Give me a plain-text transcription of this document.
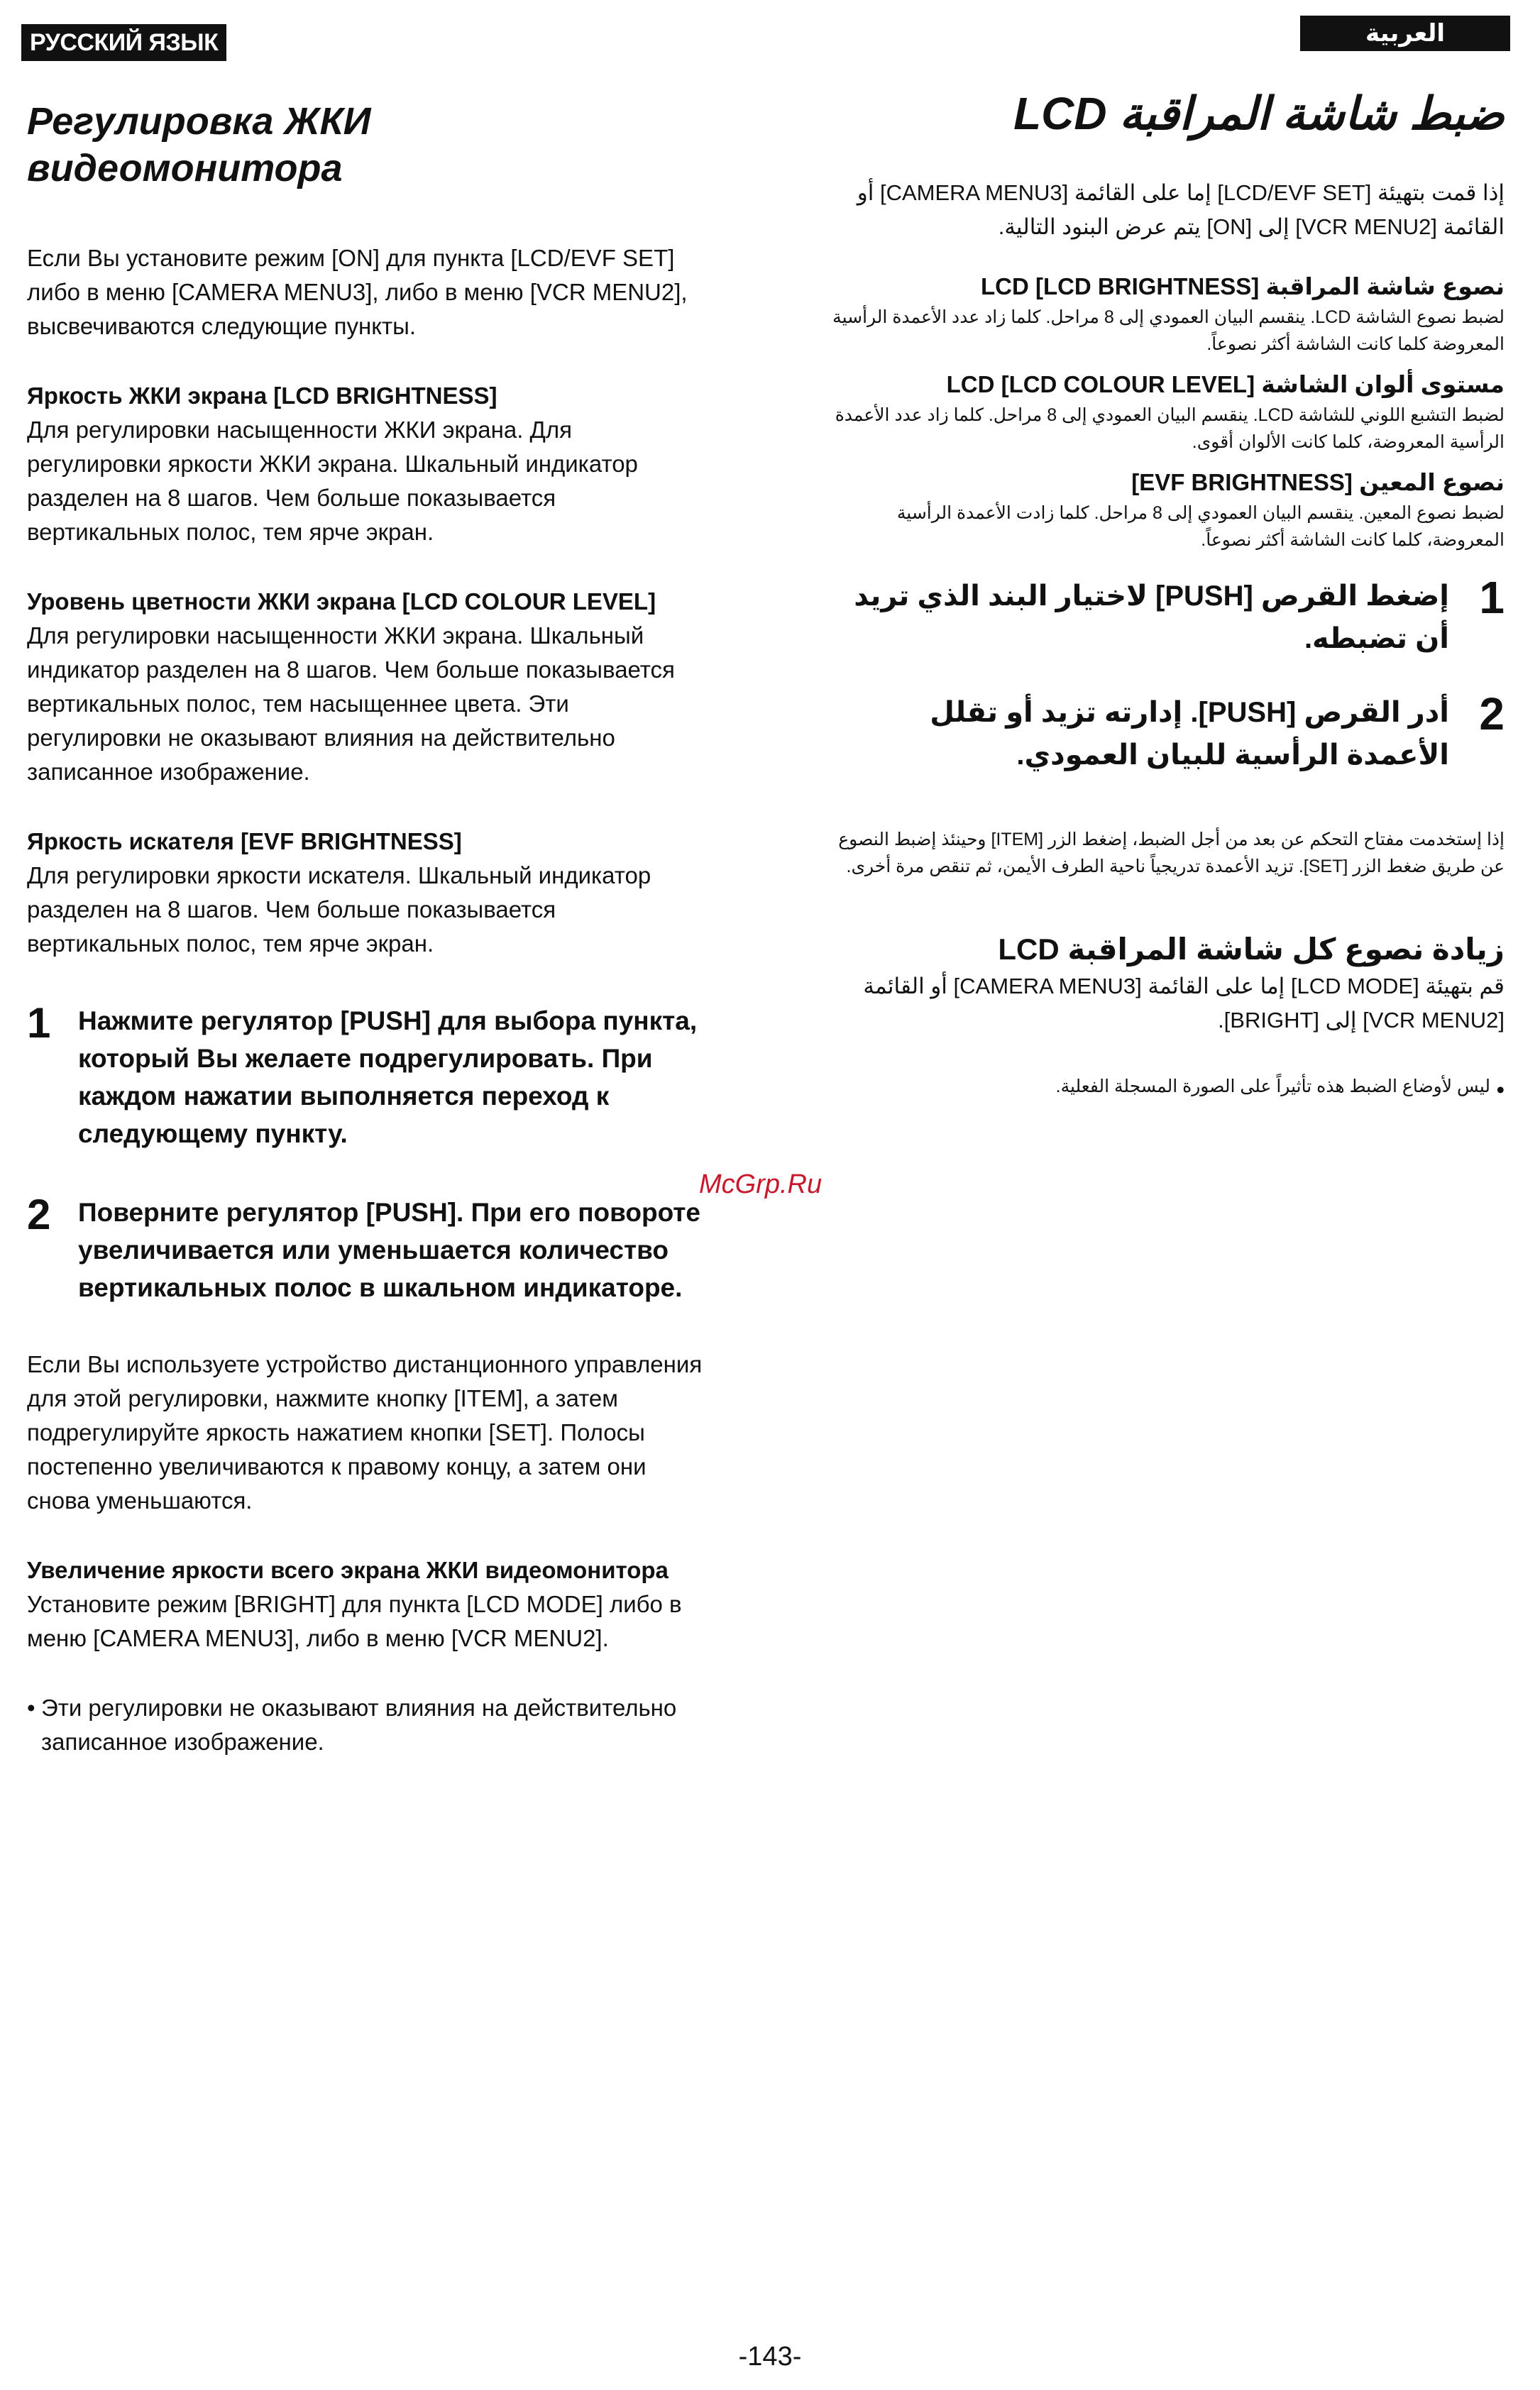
РУССКИЙ ЯЗЫК	العربية
Регулировка ЖКИ
видеомонитора

Если Вы установите режим [ON] для пункта [LCD/EVF SET] либо в меню [CAMERA MENU3], либо в меню [VCR MENU2], высвечиваются следующие пункты.

Яркость ЖКИ экрана [LCD BRIGHTNESS]

Для регулировки насыщенности ЖКИ экрана. Для регулировки яркости ЖКИ экрана. Шкальный индикатор разделен на 8 шагов. Чем больше показывается вертикальных полос, тем ярче экран.

Уровень цветности ЖКИ экрана [LCD COLOUR LEVEL]

Для регулировки насыщенности ЖКИ экрана. Шкальный индикатор разделен на 8 шагов. Чем больше показывается вертикальных полос, тем насыщеннее цвета. Эти регулировки не оказывают влияния на действительно записанное изображение.

Яркость искателя [EVF BRIGHTNESS]

Для регулировки яркости искателя. Шкальный индикатор разделен на 8 шагов. Чем больше показывается вертикальных полос, тем ярче экран.

1	Нажмите регулятор [PUSH] для выбора пункта, который Вы желаете подрегулировать. При каждом нажатии выполняется переход к следующему пункту.
2	Поверните регулятор [PUSH]. При его повороте увеличивается или уменьшается количество вертикальных полос в шкальном индикаторе.

Если Вы используете устройство дистанционного управления для этой регулировки, нажмите кнопку [ITEM], а затем подрегулируйте яркость нажатием кнопки [SET]. Полосы постепенно увеличиваются к правому концу, а затем они снова уменьшаются.

Увеличение яркости всего экрана ЖКИ видеомонитора

Установите режим [BRIGHT] для пункта [LCD MODE] либо в меню [CAMERA MENU3], либо в меню [VCR MENU2].

• Эти регулировки не оказывают влияния на действительно записанное изображение.

ضبط شاشة المراقبة LCD

إذا قمت بتهيئة [LCD/EVF SET] إما على القائمة [CAMERA MENU3] أو القائمة [VCR MENU2] إلى [ON] يتم عرض البنود التالية.

نصوع شاشة المراقبة LCD [LCD BRIGHTNESS]

لضبط نصوع الشاشة LCD. ينقسم البيان العمودي إلى 8 مراحل. كلما زاد عدد الأعمدة الرأسية المعروضة كلما كانت الشاشة أكثر نصوعاً.

مستوى ألوان الشاشة LCD [LCD COLOUR LEVEL]

لضبط التشبع اللوني للشاشة LCD. ينقسم البيان العمودي إلى 8 مراحل. كلما زاد عدد الأعمدة الرأسية المعروضة، كلما كانت الألوان أقوى.

نصوع المعين [EVF BRIGHTNESS]

لضبط نصوع المعين. ينقسم البيان العمودي إلى 8 مراحل. كلما زادت الأعمدة الرأسية المعروضة، كلما كانت الشاشة أكثر نصوعاً.

1
إضغط القرص [PUSH] لاختيار البند الذي تريد أن تضبطه.
2
أدر القرص [PUSH]. إدارته تزيد أو تقلل الأعمدة الرأسية للبيان العمودي.

إذا إستخدمت مفتاح التحكم عن بعد من أجل الضبط، إضغط الزر [ITEM] وحينئذ إضبط النصوع عن طريق ضغط الزر [SET]. تزيد الأعمدة تدريجياً ناحية الطرف الأيمن، ثم تنقص مرة أخرى.

زيادة نصوع كل شاشة المراقبة LCD

قم بتهيئة [LCD MODE] إما على القائمة [CAMERA MENU3] أو القائمة [VCR MENU2] إلى [BRIGHT].

•

ليس لأوضاع الضبط هذه تأثيراً على الصورة المسجلة الفعلية.

McGrp.Ru
-143-
